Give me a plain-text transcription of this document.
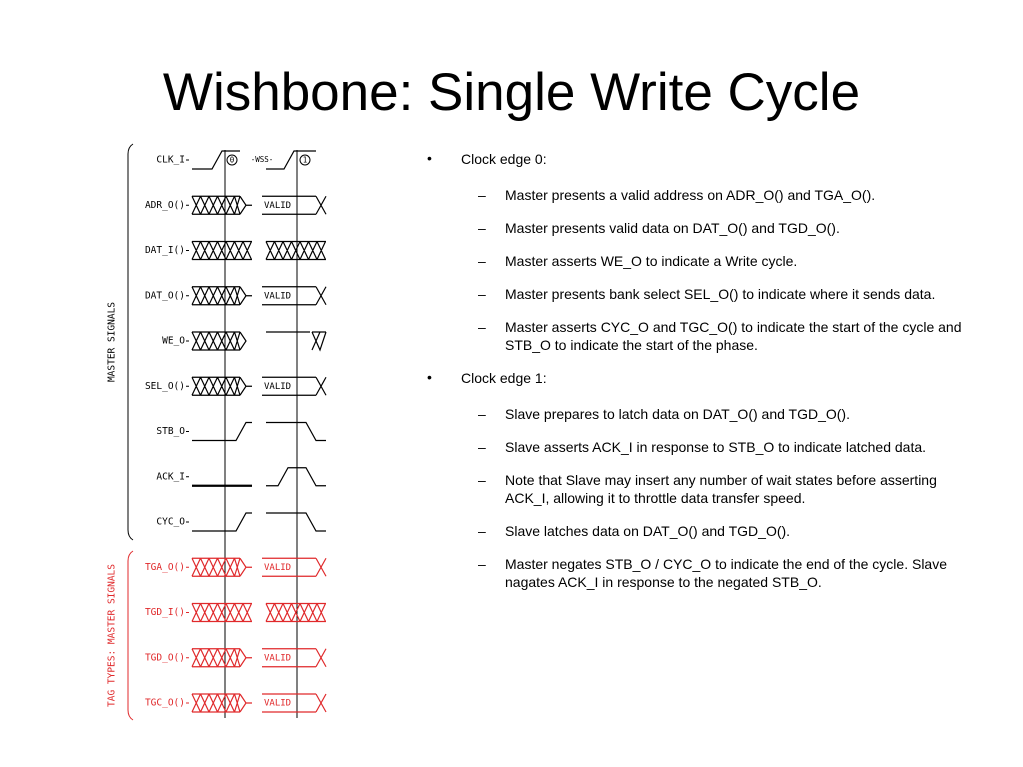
Wishbone: Single Write Cycle
MASTER SIGNALS
TAG TYPES: MASTER SIGNALS
CLK_I	0	1
-WSS-
ADR_O()	VALID
DAT_I()
DAT_O()	VALID
WE_O
SEL_O()	VALID
STB_O
ACK_I
CYC_O
TGA_O()	VALID
TGD_I()
TGD_O()	VALID
TGC_O()	VALID
• Clock edge 0:
– Master presents a valid address on ADR_O() and TGA_O().
– Master presents valid data on DAT_O() and TGD_O().
– Master asserts WE_O to indicate a Write cycle.
– Master presents bank select SEL_O() to indicate where it sends data.
– Master asserts CYC_O and TGC_O() to indicate the start of the cycle and STB_O to indicate the start of the phase.
• Clock edge 1:
– Slave prepares to latch data on DAT_O() and TGD_O().
– Slave asserts ACK_I in response to STB_O to indicate latched data.
– Note that Slave may insert any number of wait states before asserting ACK_I, allowing it to throttle data transfer speed.
– Slave latches data on DAT_O() and TGD_O().
– Master negates STB_O / CYC_O to indicate the end of the cycle. Slave nagates ACK_I in response to the negated STB_O.
